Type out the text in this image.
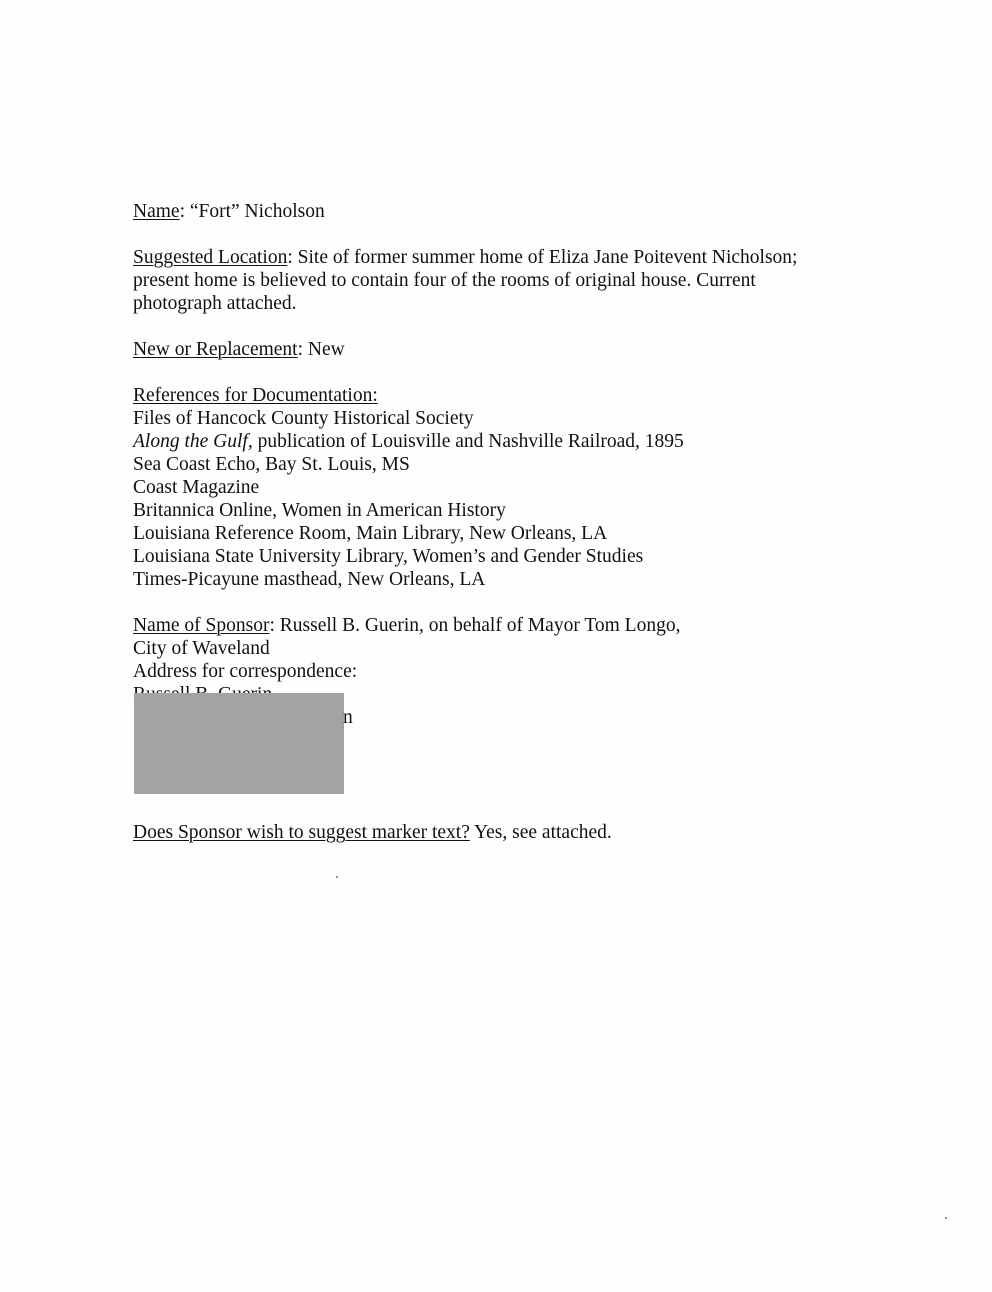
Name: “Fort” Nicholson

Suggested Location: Site of former summer home of Eliza Jane Poitevent Nicholson;

present home is believed to contain four of the rooms of original house. Current

photograph attached.

New or Replacement: New

References for Documentation:

Files of Hancock County Historical Society

Along the Gulf, publication of Louisville and Nashville Railroad, 1895

Sea Coast Echo, Bay St. Louis, MS

Coast Magazine

Britannica Online, Women in American History

Louisiana Reference Room, Main Library, New Orleans, LA

Louisiana State University Library, Women’s and Gender Studies

Times-Picayune masthead, New Orleans, LA

Name of Sponsor: Russell B. Guerin, on behalf of Mayor Tom Longo,

City of Waveland

Address for correspondence:

n

Does Sponsor wish to suggest marker text? Yes, see attached.
